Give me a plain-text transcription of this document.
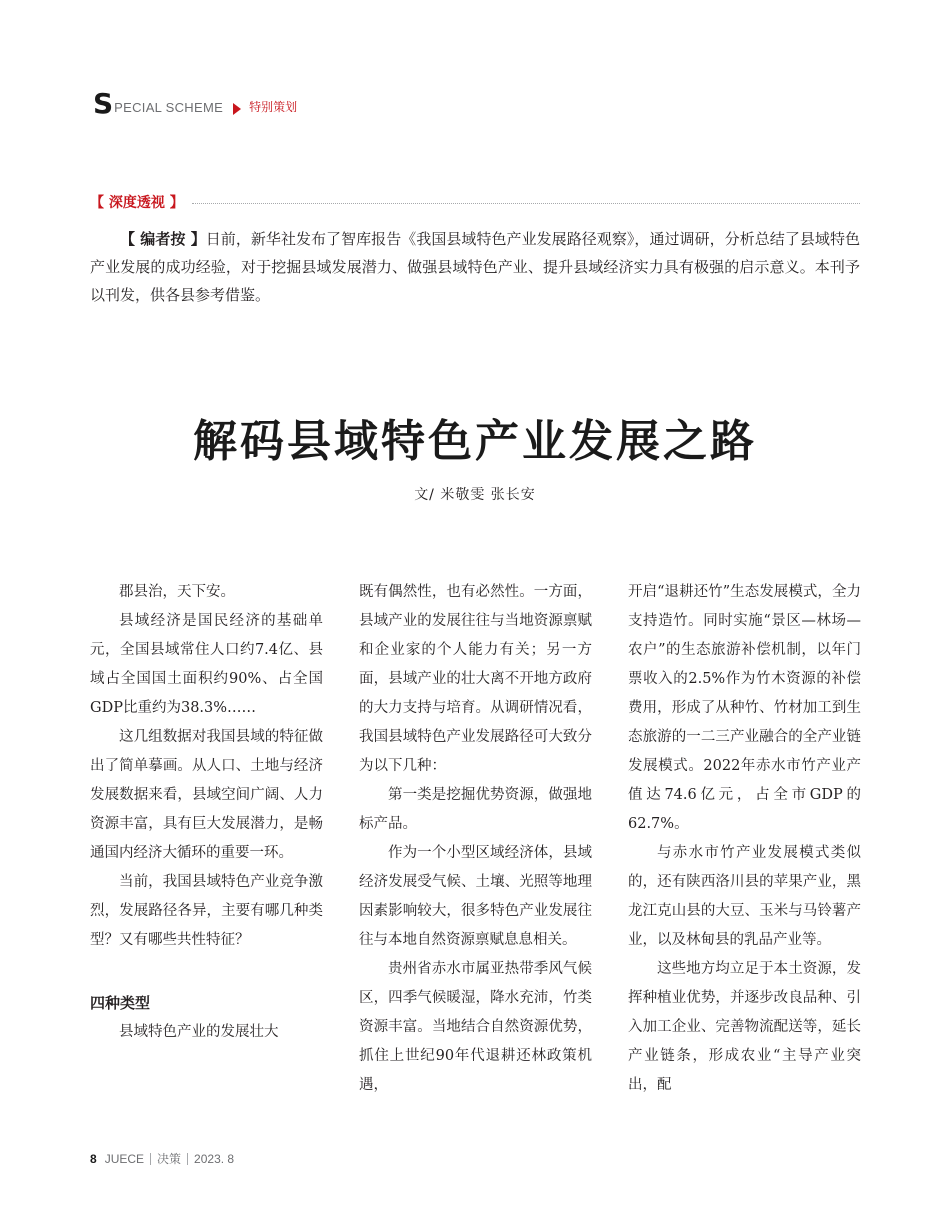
S PECIAL SCHEME 特别策划
【 深度透视 】

【 编者按 】日前，新华社发布了智库报告《我国县域特色产业发展路径观察》，通过调研，分析总结了县域特色产业发展的成功经验，对于挖掘县域发展潜力、做强县域特色产业、提升县域经济实力具有极强的启示意义。本刊予以刊发，供各县参考借鉴。

解码县域特色产业发展之路

文/ 米敬雯 张长安

郡县治，天下安。

县域经济是国民经济的基础单元，全国县域常住人口约7.4亿、县域占全国国土面积约90%、占全国GDP比重约为38.3%……

这几组数据对我国县域的特征做出了简单摹画。从人口、土地与经济发展数据来看，县域空间广阔、人力资源丰富，具有巨大发展潜力，是畅通国内经济大循环的重要一环。

当前，我国县域特色产业竞争激烈，发展路径各异，主要有哪几种类型？又有哪些共性特征？

四种类型

县域特色产业的发展壮大

既有偶然性，也有必然性。一方面，县域产业的发展往往与当地资源禀赋和企业家的个人能力有关；另一方面，县域产业的壮大离不开地方政府的大力支持与培育。从调研情况看，我国县域特色产业发展路径可大致分为以下几种：

第一类是挖掘优势资源，做强地标产品。

作为一个小型区域经济体，县域经济发展受气候、土壤、光照等地理因素影响较大，很多特色产业发展往往与本地自然资源禀赋息息相关。

贵州省赤水市属亚热带季风气候区，四季气候暖湿，降水充沛，竹类资源丰富。当地结合自然资源优势，抓住上世纪90年代退耕还林政策机遇，

开启“退耕还竹”生态发展模式，全力支持造竹。同时实施“景区—林场—农户”的生态旅游补偿机制，以年门票收入的2.5%作为竹木资源的补偿费用，形成了从种竹、竹材加工到生态旅游的一二三产业融合的全产业链发展模式。2022年赤水市竹产业产值达74.6亿元，占全市GDP的62.7%。

与赤水市竹产业发展模式类似的，还有陕西洛川县的苹果产业，黑龙江克山县的大豆、玉米与马铃薯产业，以及林甸县的乳品产业等。

这些地方均立足于本土资源，发挥种植业优势，并逐步改良品种、引入加工企业、完善物流配送等，延长产业链条，形成农业“主导产业突出，配

8 JUECE 决策 2023. 8
